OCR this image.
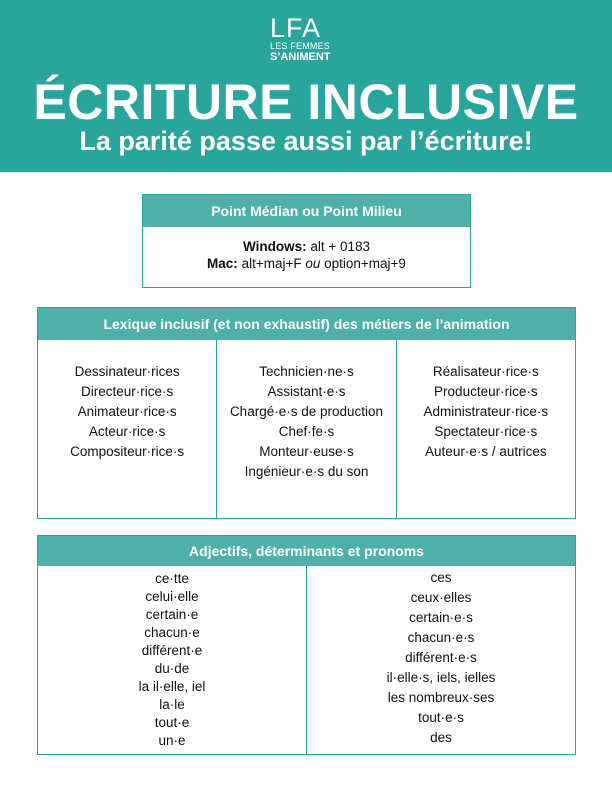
LFA
LES FEMMES
S’ANIMENT
ÉCRITURE INCLUSIVE
La parité passe aussi par l’écriture!
Point Médian ou Point Milieu
Windows: alt + 0183
Mac: alt+maj+F ou option+maj+9
Lexique inclusif (et non exhaustif) des métiers de l’animation
Dessinateur·rices
Directeur·rice·s
Animateur·rice·s
Acteur·rice·s
Compositeur·rice·s
Technicien·ne·s
Assistant·e·s
Chargé·e·s de production
Chef·fe·s
Monteur·euse·s
Ingénieur·e·s du son
Réalisateur·rice·s
Producteur·rice·s
Administrateur·rice·s
Spectateur·rice·s
Auteur·e·s / autrices
Adjectifs, déterminants et pronoms
ce·tte
celui·elle
certain·e
chacun·e
différent·e
du·de
la il·elle, iel
la·le
tout·e
un·e
ces
ceux·elles
certain·e·s
chacun·e·s
différent·e·s
il·elle·s, iels, ielles
les nombreux·ses
tout·e·s
des
